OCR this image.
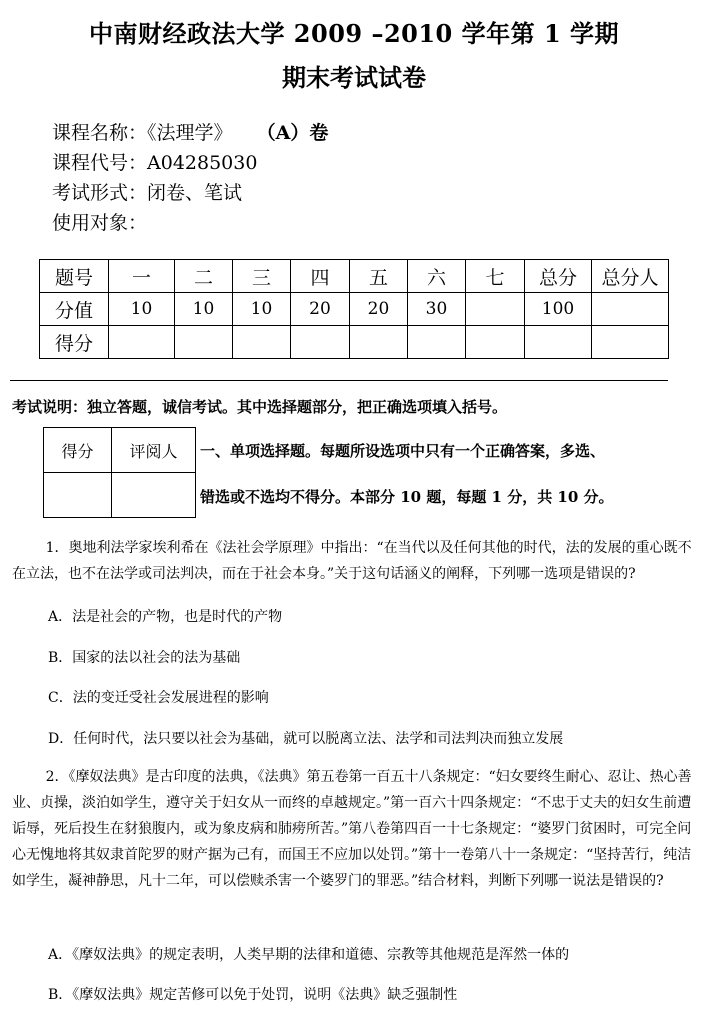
中南财经政法大学 2009 –2010 学年第 1 学期
期末考试试卷
课程名称：《法理学》 （A）卷
课程代号：A04285030
考试形式：闭卷、笔试
使用对象：
题号	一	二	三	四	五	六	七	总分	总分人
分值	10	10	10	20	20	30		100	
得分									
考试说明：独立答题，诚信考试。其中选择题部分，把正确选项填入括号。
得分	评阅人
	一、单项选择题。每题所设选项中只有一个正确答案，多选、
错选或不选均不得分。本部分 10 题，每题 1 分，共 10 分。
1．奥地利法学家埃利希在《法社会学原理》中指出：“在当代以及任何其他的时代，法的发展的重心既不在立法，也不在法学或司法判决，而在于社会本身。”关于这句话涵义的阐释，下列哪一选项是错误的?
A．法是社会的产物，也是时代的产物
B．国家的法以社会的法为基础
C．法的变迁受社会发展进程的影响
D．任何时代，法只要以社会为基础，就可以脱离立法、法学和司法判决而独立发展
2．《摩奴法典》是古印度的法典，《法典》第五卷第一百五十八条规定：“妇女要终生耐心、忍让、热心善业、贞操，淡泊如学生，遵守关于妇女从一而终的卓越规定。”第一百六十四条规定：“不忠于丈夫的妇女生前遭诟辱，死后投生在豺狼腹内，或为象皮病和肺痨所苦。”第八卷第四百一十七条规定：“婆罗门贫困时，可完全问心无愧地将其奴隶首陀罗的财产据为己有，而国王不应加以处罚。”第十一卷第八十一条规定：“坚持苦行，纯洁如学生，凝神静思，凡十二年，可以偿赎杀害一个婆罗门的罪恶。”结合材料，判断下列哪一说法是错误的?
A．《摩奴法典》的规定表明，人类早期的法律和道德、宗教等其他规范是浑然一体的
B．《摩奴法典》规定苦修可以免于处罚，说明《法典》缺乏强制性
